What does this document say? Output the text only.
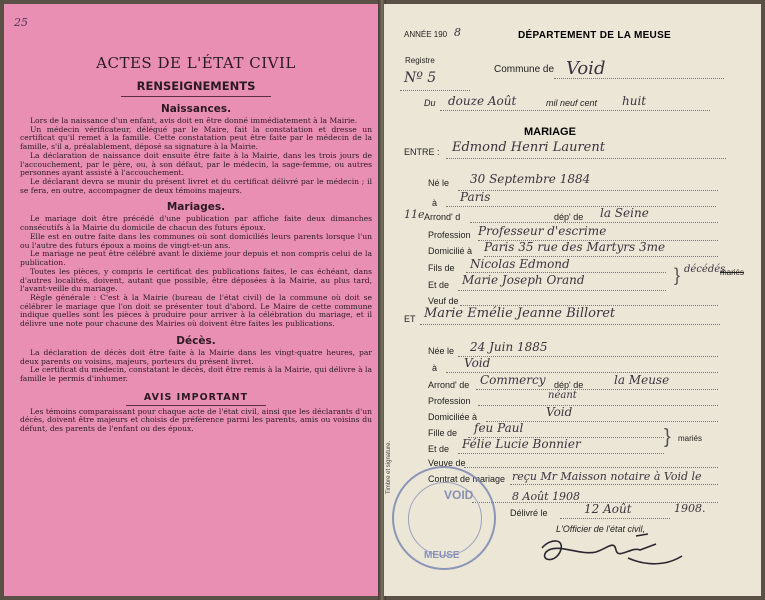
25
ACTES DE L'ÉTAT CIVIL
RENSEIGNEMENTS
Naissances.

Lors de la naissance d'un enfant, avis doit en être donné immédiatement à la Mairie.

Un médecin vérificateur, délégué par le Maire, fait la constatation et dresse un certificat qu'il remet à la famille. Cette constatation peut être faite par le médecin de la famille, s'il a, préalablement, déposé sa signature à la Mairie.

La déclaration de naissance doit ensuite être faite à la Mairie, dans les trois jours de l'accouchement, par le père, ou, à son défaut, par le médecin, la sage-femme, ou autres personnes ayant assisté à l'accouchement.

Le déclarant devra se munir du présent livret et du certificat délivré par le médecin ; il se fera, en outre, accompagner de deux témoins majeurs.

Mariages.

Le mariage doit être précédé d'une publication par affiche faite deux dimanches consécutifs à la Mairie du domicile de chacun des futurs époux.

Elle est en outre faite dans les communes où sont domiciliés leurs parents lorsque l'un ou l'autre des futurs époux a moins de vingt-et-un ans.

Le mariage ne peut être célébré avant le dixième jour depuis et non compris celui de la publication.

Toutes les pièces, y compris le certificat des publications faites, le cas échéant, dans d'autres localités, doivent, autant que possible, être déposées à la Mairie, au plus tard, l'avant-veille du mariage.

Règle générale : C'est à la Mairie (bureau de l'état civil) de la commune où doit se célébrer le mariage que l'on doit se présenter tout d'abord. Le Maire de cette commune indique quelles sont les pièces à produire pour arriver à la célébration du mariage, et il délivre une note pour chacune des Mairies où doivent être faites les publications.

Décès.

La déclaration de décès doit être faite à la Mairie dans les vingt-quatre heures, par deux parents ou voisins, majeurs, porteurs du présent livret.

Le certificat du médecin, constatant le décès, doit être remis à la Mairie, qui délivre à la famille le permis d'inhumer.

AVIS IMPORTANT

Les témoins comparaissant pour chaque acte de l'état civil, ainsi que les déclarants d'un décès, doivent être majeurs et choisis de préférence parmi les parents, amis ou voisins du défunt, des parents de l'enfant ou des époux.

ANNÉE 190 8	DÉPARTEMENT DE LA MEUSE
Registre
Nº 5
Commune de Void
Du douze Août	mil neuf cent huit
MARIAGE
ENTRE : Edmond Henri Laurent
Né le 30 Septembre 1884
à Paris
11e Arrond' d	dép' de la Seine
Profession Professeur d'escrime
Domicilié à Paris 35 rue des Martyrs 3me
Fils de Nicolas Edmond
Et de Marie Joseph Orand	} décédés
mariés
Veuf de
ET Marie Emélie Jeanne Billoret
Née le 24 Juin 1885
à Void
Arrond' de Commercy dép' de	la Meuse
Profession	néant
Domiciliée à	Void
Fille de feu Paul
Et de Félie Lucie Bonnier	} mariés
Veuve de
Contrat de mariage reçu Mr Maisson notaire à Void le 8 Août 1908
Délivré le	12 Août	1908.
L'Officier de l'état civil,
Timbre et signature.
VOID
MEUSE
